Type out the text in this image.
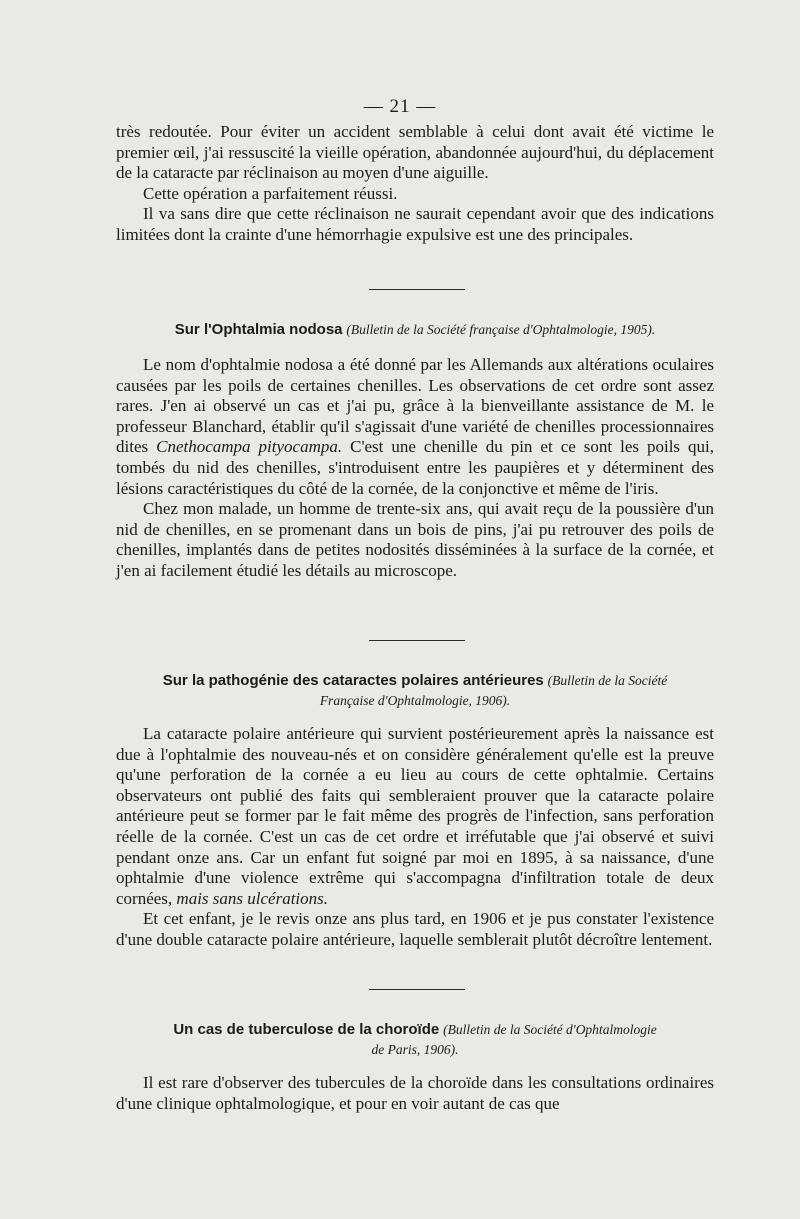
— 21 —

très redoutée. Pour éviter un accident semblable à celui dont avait été victime le premier œil, j'ai ressuscité la vieille opération, abandonnée aujourd'hui, du déplacement de la cataracte par réclinaison au moyen d'une aiguille.

Cette opération a parfaitement réussi.

Il va sans dire que cette réclinaison ne saurait cependant avoir que des indications limitées dont la crainte d'une hémorrhagie expulsive est une des principales.

Sur l'Ophtalmia nodosa (Bulletin de la Société française d'Ophtalmologie, 1905).

Le nom d'ophtalmie nodosa a été donné par les Allemands aux altérations oculaires causées par les poils de certaines chenilles. Les observations de cet ordre sont assez rares. J'en ai observé un cas et j'ai pu, grâce à la bienveillante assistance de M. le professeur Blanchard, établir qu'il s'agissait d'une variété de chenilles processionnaires dites Cnethocampa pityocampa. C'est une chenille du pin et ce sont les poils qui, tombés du nid des chenilles, s'introduisent entre les paupières et y déterminent des lésions caractéristiques du côté de la cornée, de la conjonctive et même de l'iris.

Chez mon malade, un homme de trente-six ans, qui avait reçu de la poussière d'un nid de chenilles, en se promenant dans un bois de pins, j'ai pu retrouver des poils de chenilles, implantés dans de petites nodosités disséminées à la surface de la cornée, et j'en ai facilement étudié les détails au microscope.

Sur la pathogénie des cataractes polaires antérieures (Bulletin de la Société
Française d'Ophtalmologie, 1906).

La cataracte polaire antérieure qui survient postérieurement après la naissance est due à l'ophtalmie des nouveau-nés et on considère généralement qu'elle est la preuve qu'une perforation de la cornée a eu lieu au cours de cette ophtalmie. Certains observateurs ont publié des faits qui sembleraient prouver que la cataracte polaire antérieure peut se former par le fait même des progrès de l'infection, sans perforation réelle de la cornée. C'est un cas de cet ordre et irréfutable que j'ai observé et suivi pendant onze ans. Car un enfant fut soigné par moi en 1895, à sa naissance, d'une ophtalmie d'une violence extrême qui s'accompagna d'infiltration totale de deux cornées, mais sans ulcérations.

Et cet enfant, je le revis onze ans plus tard, en 1906 et je pus constater l'existence d'une double cataracte polaire antérieure, laquelle semblerait plutôt décroître lentement.

Un cas de tuberculose de la choroïde (Bulletin de la Société d'Ophtalmologie
de Paris, 1906).

Il est rare d'observer des tubercules de la choroïde dans les consultations ordinaires d'une clinique ophtalmologique, et pour en voir autant de cas que
